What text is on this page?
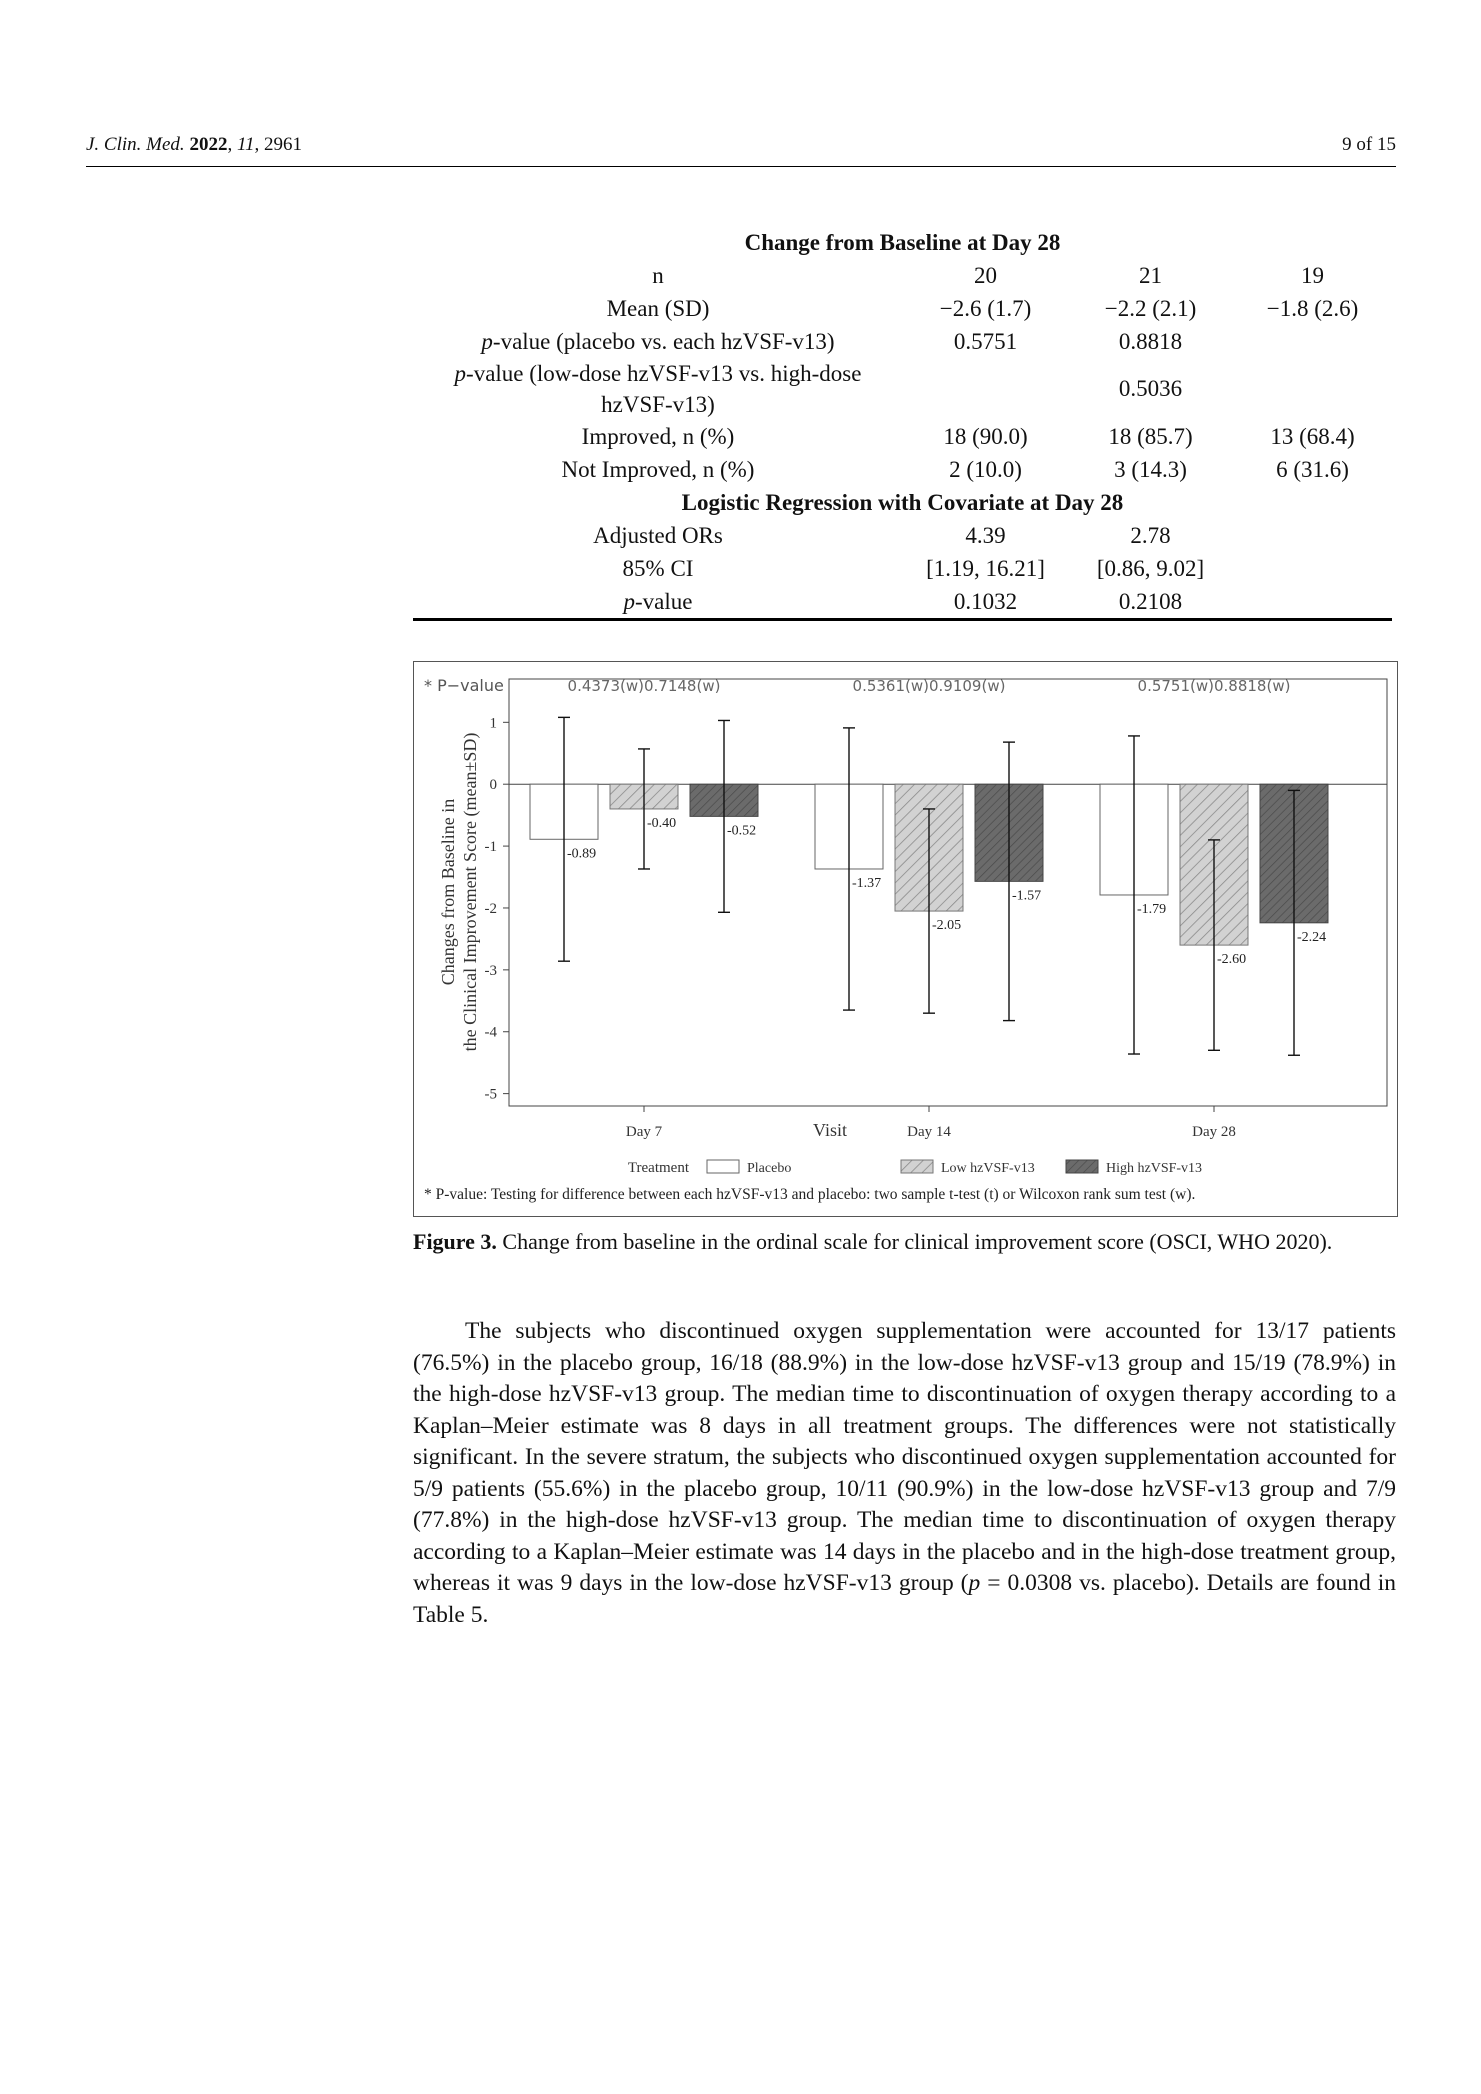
J. Clin. Med. 2022, 11, 2961	9 of 15
Change from Baseline at Day 28			
n	20	21	19
Mean (SD)	−2.6 (1.7)	−2.2 (2.1)	−1.8 (2.6)
p-value (placebo vs. each hzVSF-v13)	0.5751	0.8818	
p-value (low-dose hzVSF-v13 vs. high-dose
hzVSF-v13)		0.5036	
Improved, n (%)	18 (90.0)	18 (85.7)	13 (68.4)
Not Improved, n (%)	2 (10.0)	3 (14.3)	6 (31.6)
Logistic Regression with Covariate at Day 28			
Adjusted ORs	4.39	2.78	
85% CI	[1.19, 16.21]	[0.86, 9.02]	
p-value	0.1032	0.2108	
* P−value
Changes from Baseline in the Clinical Improvement Score (mean±SD)
Visit
1
0
-1
-2
-3
-4
-5
Day 7
0.4373(w)0.7148(w)
-0.89
-0.40	-0.52
Day 14
0.5361(w)0.9109(w)
-1.37
-2.05
-1.57
Day 28
0.5751(w)0.8818(w)
-1.79
-2.60
-2.24
Treatment	Placebo	Low hzVSF-v13	High hzVSF-v13
* P-value: Testing for difference between each hzVSF-v13 and placebo: two sample t-test (t) or Wilcoxon rank sum test (w).
Figure 3. Change from baseline in the ordinal scale for clinical improvement score (OSCI, WHO 2020).

The subjects who discontinued oxygen supplementation were accounted for 13/17 patients (76.5%) in the placebo group, 16/18 (88.9%) in the low-dose hzVSF-v13 group and 15/19 (78.9%) in the high-dose hzVSF-v13 group. The median time to discontinuation of oxygen therapy according to a Kaplan–Meier estimate was 8 days in all treatment groups. The differences were not statistically significant. In the severe stratum, the subjects who discontinued oxygen supplementation accounted for 5/9 patients (55.6%) in the placebo group, 10/11 (90.9%) in the low-dose hzVSF-v13 group and 7/9 (77.8%) in the high-dose hzVSF-v13 group. The median time to discontinuation of oxygen therapy according to a Kaplan–Meier estimate was 14 days in the placebo and in the high-dose treatment group, whereas it was 9 days in the low-dose hzVSF-v13 group (p = 0.0308 vs. placebo). Details are found in Table 5.
